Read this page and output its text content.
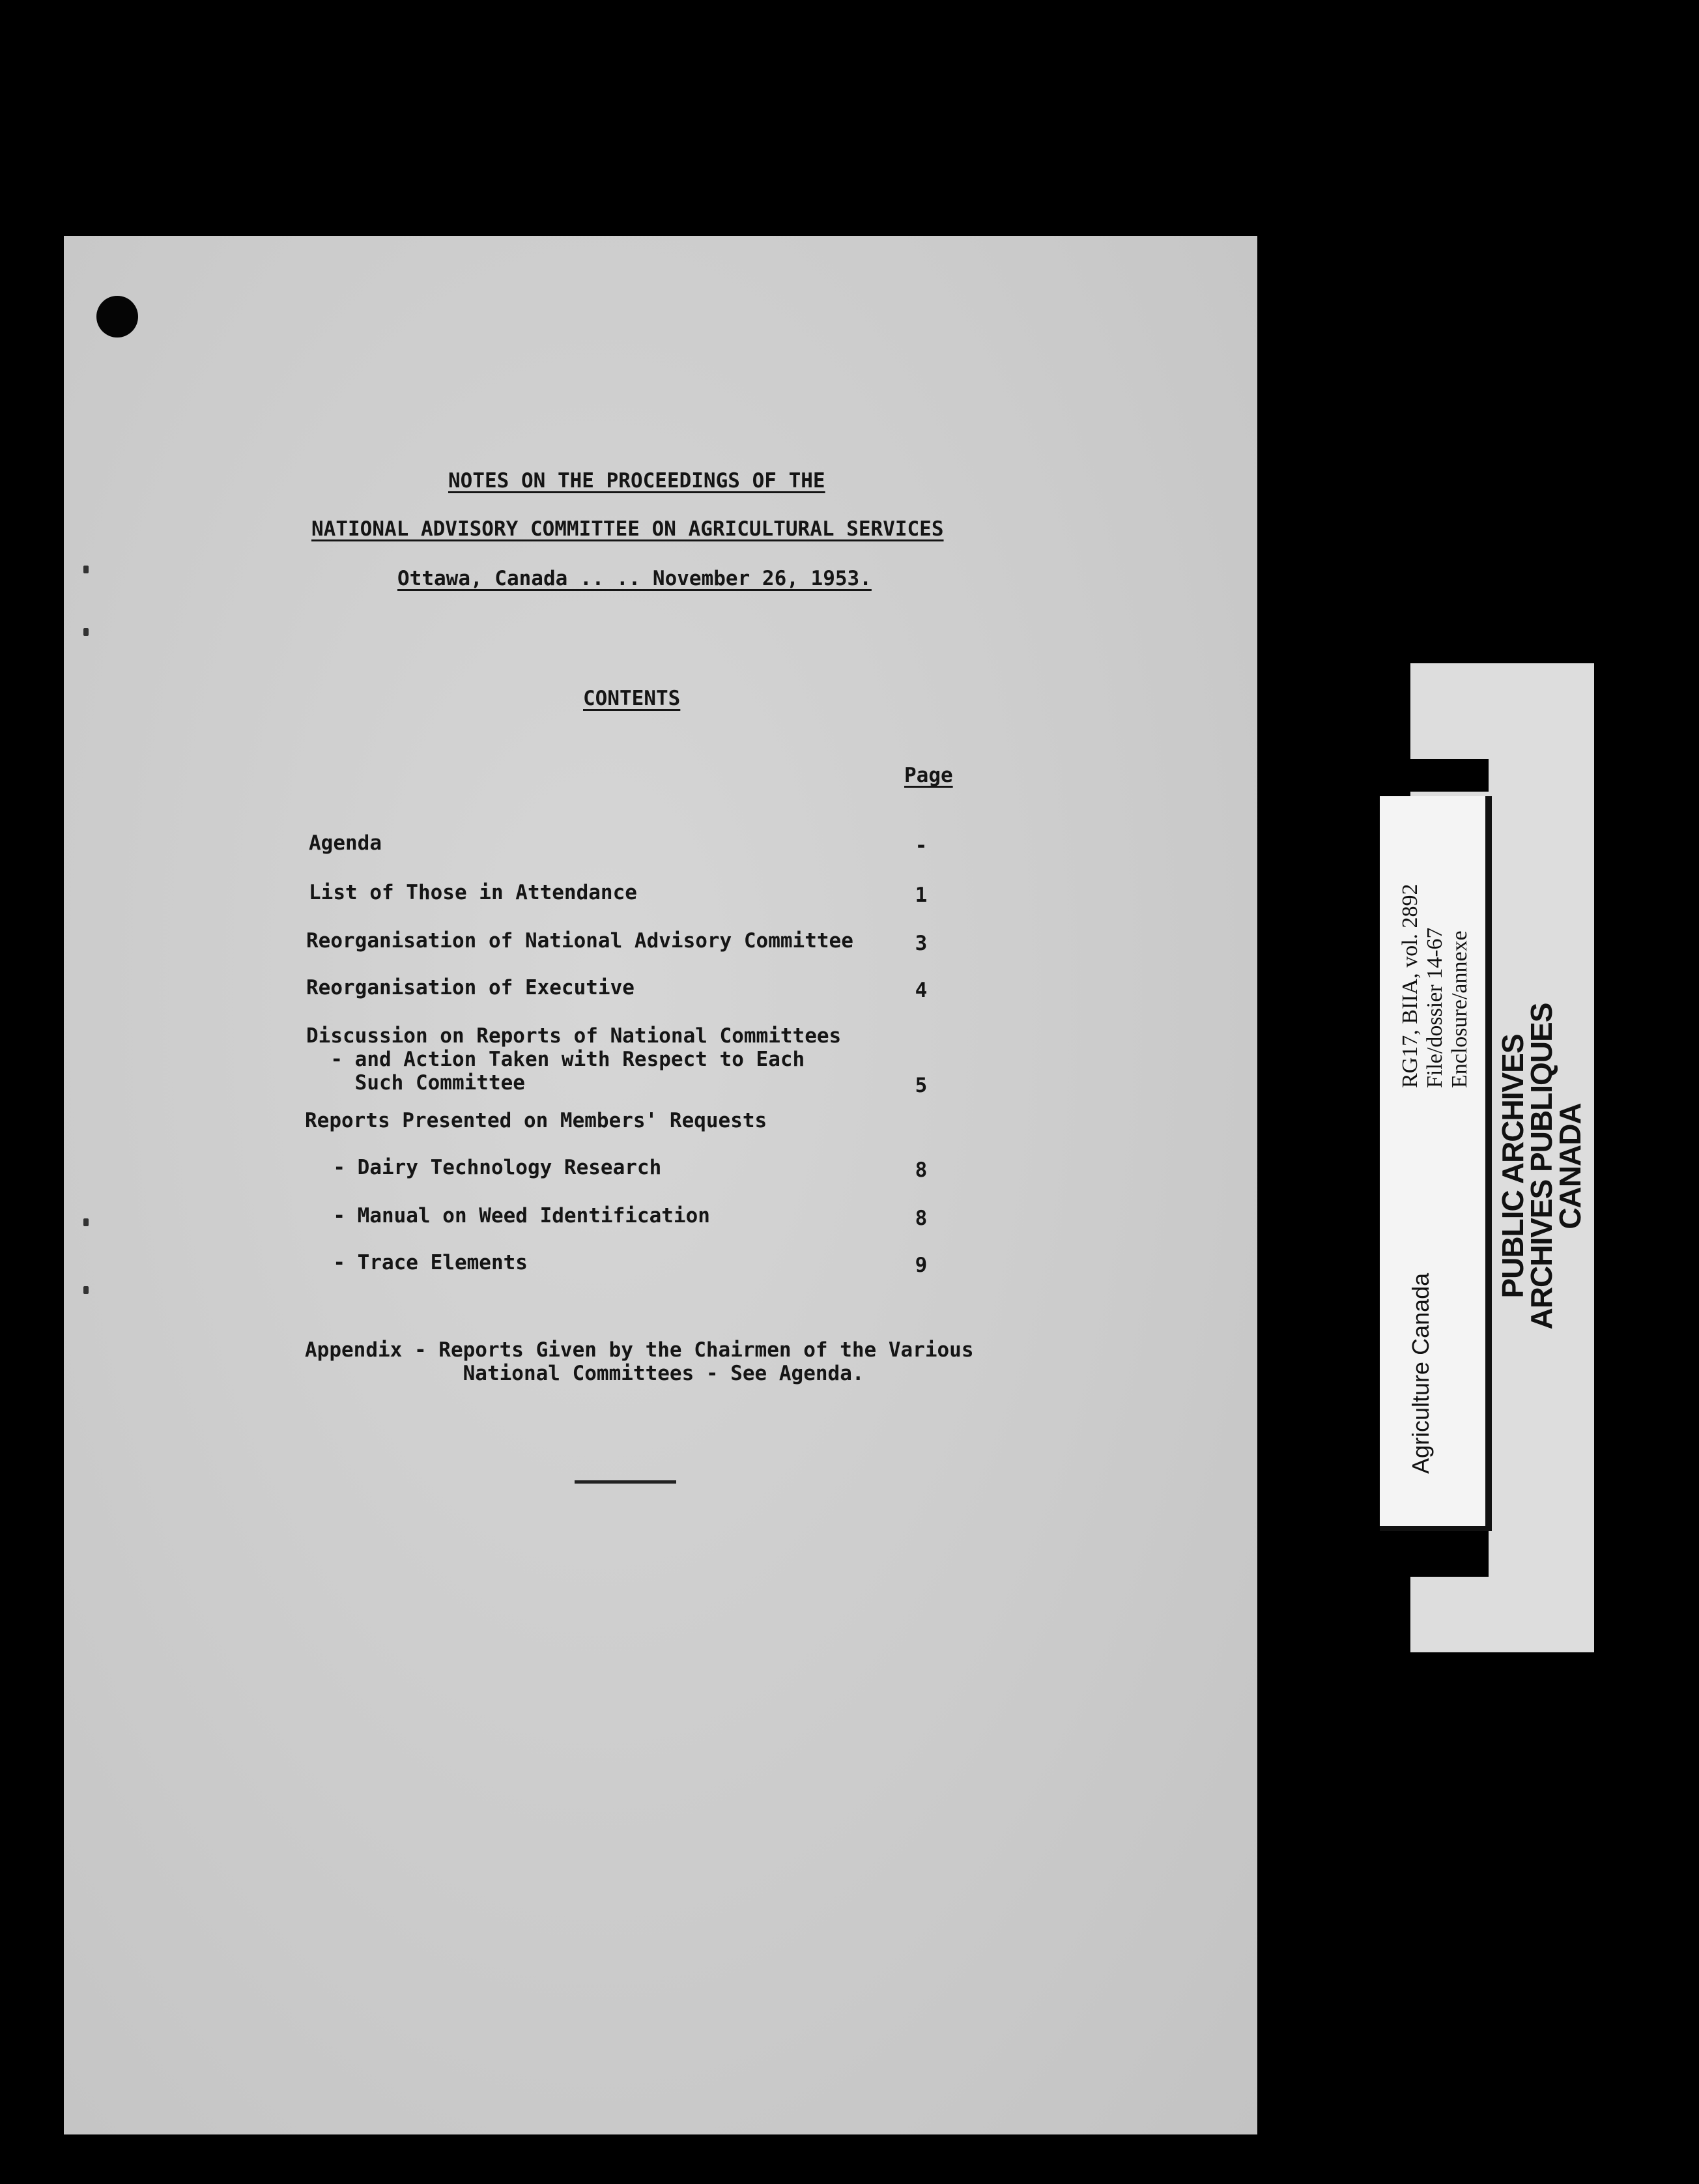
NOTES ON THE PROCEEDINGS OF THE
NATIONAL ADVISORY COMMITTEE ON AGRICULTURAL SERVICES
Ottawa, Canada .. .. November 26, 1953.
CONTENTS
Page
Agenda	-
List of Those in Attendance	1
Reorganisation of National Advisory Committee	3
Reorganisation of Executive	4
Discussion on Reports of National Committees
- and Action Taken with Respect to Each
Such Committee	5
Reports Presented on Members' Requests
- Dairy Technology Research	8
- Manual on Weed Identification	8
- Trace Elements	9
Appendix - Reports Given by the Chairmen of the Various
National Committees - See Agenda.
RG17, BIIA, vol. 2892 File/dossier 14-67 Enclosure/annexe
Agriculture Canada
PUBLIC ARCHIVES
ARCHIVES PUBLIQUES
CANADA
